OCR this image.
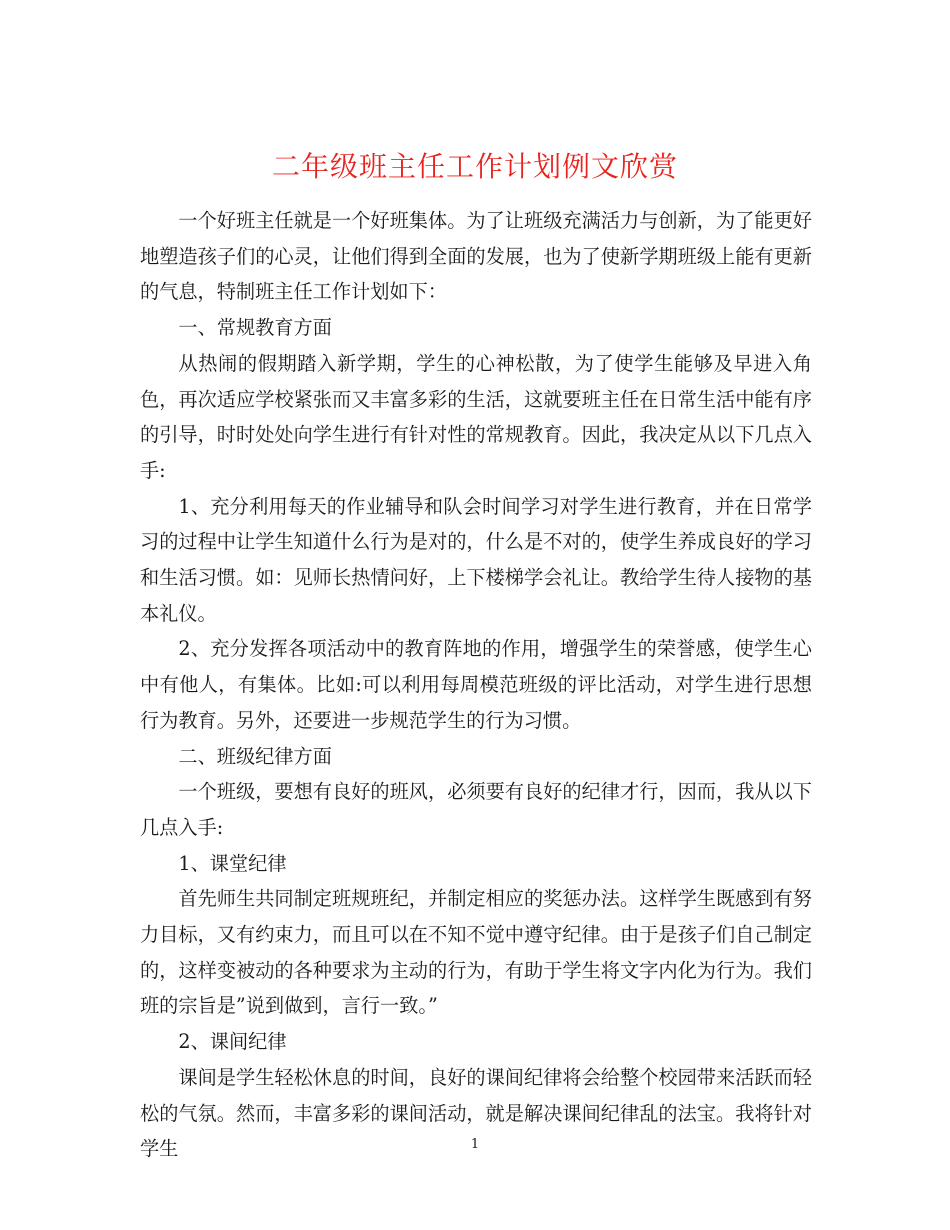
二年级班主任工作计划例文欣赏

一个好班主任就是一个好班集体。为了让班级充满活力与创新，为了能更好地塑造孩子们的心灵，让他们得到全面的发展，也为了使新学期班级上能有更新的气息，特制班主任工作计划如下：

一、常规教育方面

从热闹的假期踏入新学期，学生的心神松散，为了使学生能够及早进入角色，再次适应学校紧张而又丰富多彩的生活，这就要班主任在日常生活中能有序的引导，时时处处向学生进行有针对性的常规教育。因此，我决定从以下几点入手:

1、充分利用每天的作业辅导和队会时间学习对学生进行教育，并在日常学习的过程中让学生知道什么行为是对的，什么是不对的，使学生养成良好的学习和生活习惯。如：见师长热情问好，上下楼梯学会礼让。教给学生待人接物的基本礼仪。

2、充分发挥各项活动中的教育阵地的作用，增强学生的荣誉感，使学生心中有他人，有集体。比如:可以利用每周模范班级的评比活动，对学生进行思想行为教育。另外，还要进一步规范学生的行为习惯。

二、班级纪律方面

一个班级，要想有良好的班风，必须要有良好的纪律才行，因而，我从以下几点入手:

1、课堂纪律

首先师生共同制定班规班纪，并制定相应的奖惩办法。这样学生既感到有努力目标，又有约束力，而且可以在不知不觉中遵守纪律。由于是孩子们自己制定的，这样变被动的各种要求为主动的行为，有助于学生将文字内化为行为。我们班的宗旨是”说到做到，言行一致。”

2、课间纪律

课间是学生轻松休息的时间，良好的课间纪律将会给整个校园带来活跃而轻松的气氛。然而，丰富多彩的课间活动，就是解决课间纪律乱的法宝。我将针对学生	1
